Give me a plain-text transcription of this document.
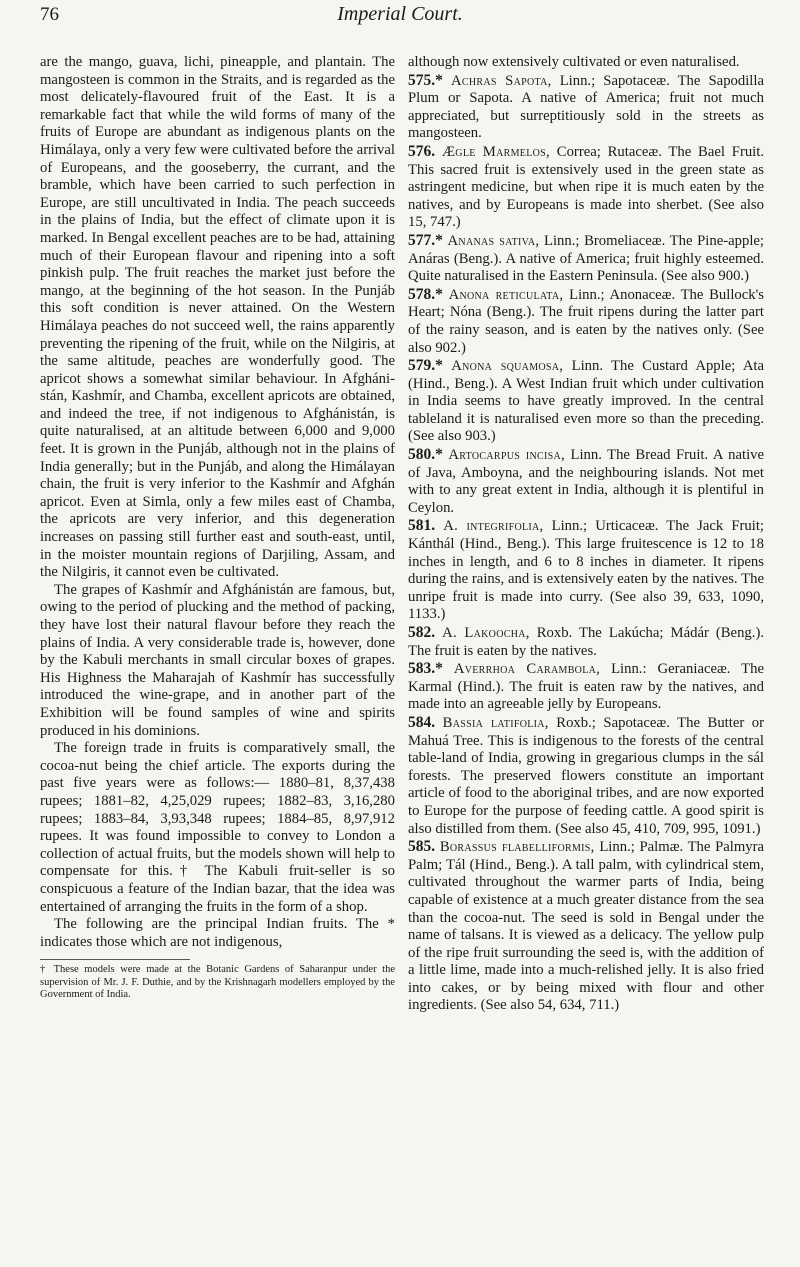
76	Imperial Court.

are the mango, guava, lichi, pineapple, and plantain. The mangosteen is common in the Straits, and is regarded as the most delicately-flavoured fruit of the East. It is a remarkable fact that while the wild forms of many of the fruits of Europe are abundant as indigenous plants on the Himálaya, only a very few were cultivated before the arrival of Europeans, and the gooseberry, the currant, and the bramble, which have been carried to such perfection in Europe, are still uncultivated in India. The peach succeeds in the plains of India, but the effect of climate upon it is marked. In Bengal excellent peaches are to be had, attaining much of their European flavour and ripening into a soft pinkish pulp. The fruit reaches the market just before the mango, at the beginning of the hot season. In the Punjáb this soft condition is never attained. On the Western Himálaya peaches do not succeed well, the rains apparently preventing the ripening of the fruit, while on the Nilgiris, at the same altitude, peaches are wonderfully good. The apricot shows a somewhat similar behaviour. In Afghánistán, Kashmír, and Chamba, excellent apricots are obtained, and indeed the tree, if not indigenous to Afghánistán, is quite naturalised, at an altitude between 6,000 and 9,000 feet. It is grown in the Punjáb, although not in the plains of India generally; but in the Punjáb, and along the Himálayan chain, the fruit is very inferior to the Kashmír and Afghán apricot. Even at Simla, only a few miles east of Chamba, the apricots are very inferior, and this degeneration increases on passing still further east and south-east, until, in the moister mountain regions of Darjiling, Assam, and the Nilgiris, it cannot even be cultivated.

The grapes of Kashmír and Afghánistán are famous, but, owing to the period of plucking and the method of packing, they have lost their natural flavour before they reach the plains of India. A very considerable trade is, however, done by the Kabuli merchants in small circular boxes of grapes. His Highness the Maharajah of Kashmír has successfully introduced the wine-grape, and in another part of the Exhibition will be found samples of wine and spirits produced in his dominions.

The foreign trade in fruits is comparatively small, the cocoa-nut being the chief article. The exports during the past five years were as follows:— 1880–81, 8,37,438 rupees; 1881–82, 4,25,029 rupees; 1882–83, 3,16,280 rupees; 1883–84, 3,93,348 rupees; 1884–85, 8,97,912 rupees. It was found impossible to convey to London a collection of actual fruits, but the models shown will help to compensate for this.† The Kabuli fruit-seller is so conspicuous a feature of the Indian bazar, that the idea was entertained of arranging the fruits in the form of a shop.

The following are the principal Indian fruits. The * indicates those which are not indigenous,

† These models were made at the Botanic Gardens of Saharanpur under the supervision of Mr. J. F. Duthie, and by the Krishnagarh modellers employed by the Government of India.

although now extensively cultivated or even naturalised.

575.* Achras Sapota, Linn.; Sapotaceæ. The Sapodilla Plum or Sapota. A native of America; fruit not much appreciated, but surreptitiously sold in the streets as mangosteen.

576. Ægle Marmelos, Correa; Rutaceæ. The Bael Fruit. This sacred fruit is extensively used in the green state as astringent medicine, but when ripe it is much eaten by the natives, and by Europeans is made into sherbet. (See also 15, 747.)

577.* Ananas sativa, Linn.; Bromeliaceæ. The Pine-apple; Anáras (Beng.). A native of America; fruit highly esteemed. Quite naturalised in the Eastern Peninsula. (See also 900.)

578.* Anona reticulata, Linn.; Anonaceæ. The Bullock's Heart; Nóna (Beng.). The fruit ripens during the latter part of the rainy season, and is eaten by the natives only. (See also 902.)

579.* Anona squamosa, Linn. The Custard Apple; Ata (Hind., Beng.). A West Indian fruit which under cultivation in India seems to have greatly improved. In the central tableland it is naturalised even more so than the preceding. (See also 903.)

580.* Artocarpus incisa, Linn. The Bread Fruit. A native of Java, Amboyna, and the neighbouring islands. Not met with to any great extent in India, although it is plentiful in Ceylon.

581. A. integrifolia, Linn.; Urticaceæ. The Jack Fruit; Kánthál (Hind., Beng.). This large fruitescence is 12 to 18 inches in length, and 6 to 8 inches in diameter. It ripens during the rains, and is extensively eaten by the natives. The unripe fruit is made into curry. (See also 39, 633, 1090, 1133.)

582. A. Lakoocha, Roxb. The Lakúcha; Mádár (Beng.). The fruit is eaten by the natives.

583.* Averrhoa Carambola, Linn.: Geraniaceæ. The Karmal (Hind.). The fruit is eaten raw by the natives, and made into an agreeable jelly by Europeans.

584. Bassia latifolia, Roxb.; Sapotaceæ. The Butter or Mahuá Tree. This is indigenous to the forests of the central table-land of India, growing in gregarious clumps in the sál forests. The preserved flowers constitute an important article of food to the aboriginal tribes, and are now exported to Europe for the purpose of feeding cattle. A good spirit is also distilled from them. (See also 45, 410, 709, 995, 1091.)

585. Borassus flabelliformis, Linn.; Palmæ. The Palmyra Palm; Tál (Hind., Beng.). A tall palm, with cylindrical stem, cultivated throughout the warmer parts of India, being capable of existence at a much greater distance from the sea than the cocoa-nut. The seed is sold in Bengal under the name of talsans. It is viewed as a delicacy. The yellow pulp of the ripe fruit surrounding the seed is, with the addition of a little lime, made into a much-relished jelly. It is also fried into cakes, or by being mixed with flour and other ingredients. (See also 54, 634, 711.)
